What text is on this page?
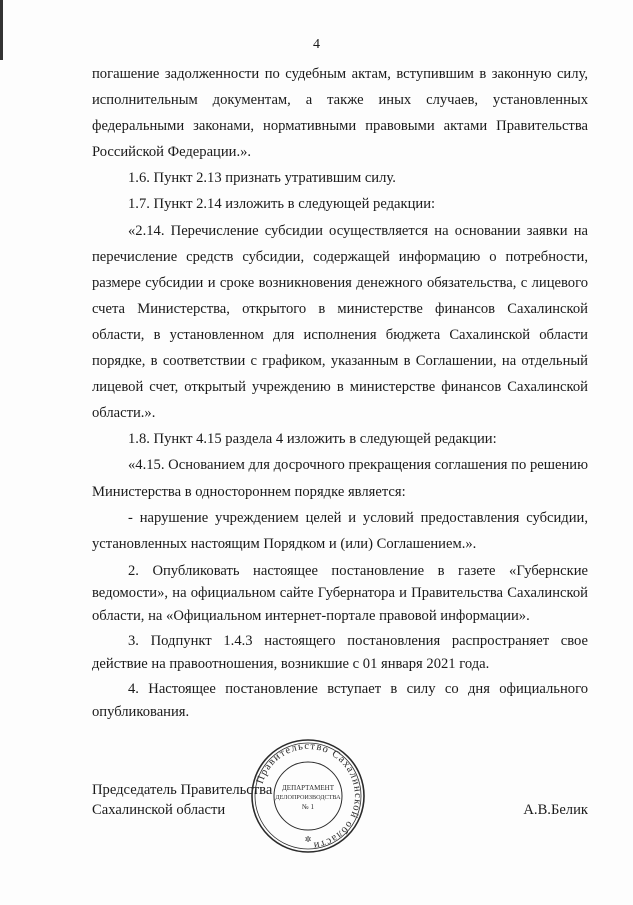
4

погашение задолженности по судебным актам, вступившим в законную силу, исполнительным документам, а также иных случаев, установленных федеральными законами, нормативными правовыми актами Правительства Российской Федерации.».

1.6. Пункт 2.13 признать утратившим силу.

1.7. Пункт 2.14 изложить в следующей редакции:

«2.14. Перечисление субсидии осуществляется на основании заявки на перечисление средств субсидии, содержащей информацию о потребности, размере субсидии и сроке возникновения денежного обязательства, с лицевого счета Министерства, открытого в министерстве финансов Сахалинской области, в установленном для исполнения бюджета Сахалинской области порядке, в соответствии с графиком, указанным в Соглашении, на отдельный лицевой счет, открытый учреждению в министерстве финансов Сахалинской области.».

1.8. Пункт 4.15 раздела 4 изложить в следующей редакции:

«4.15. Основанием для досрочного прекращения соглашения по решению Министерства в одностороннем порядке является:

- нарушение учреждением целей и условий предоставления субсидии, установленных настоящим Порядком и (или) Соглашением.».

2. Опубликовать настоящее постановление в газете «Губернские ведомости», на официальном сайте Губернатора и Правительства Сахалинской области, на «Официальном интернет-портале правовой информации».

3. Подпункт 1.4.3 настоящего постановления распространяет свое действие на правоотношения, возникшие с 01 января 2021 года.

4. Настоящее постановление вступает в силу со дня официального опубликования.

Председатель Правительства
Сахалинской области	А.В.Белик
Правительство Сахалинской области
ДЕПАРТАМЕНТ
ДЕЛОПРОИЗВОДСТВА
№ 1
✲
